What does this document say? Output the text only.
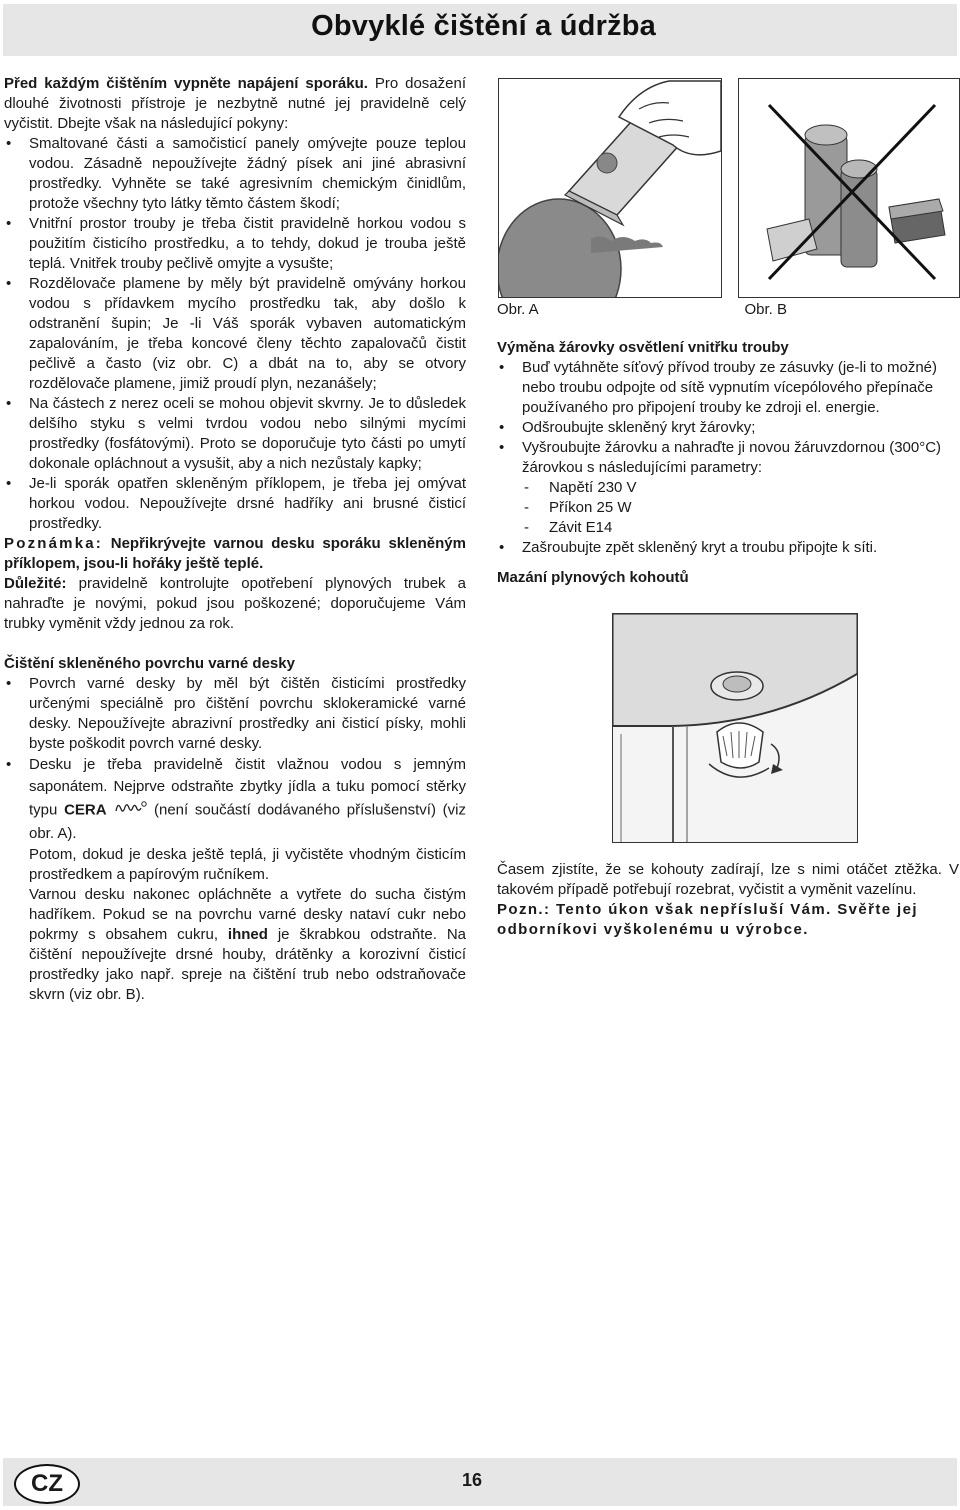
Obvyklé čištění a údržba

Před každým čištěním vypněte napájení sporáku. Pro dosažení dlouhé životnosti přístroje je nezbytně nutné jej pravidelně celý vyčistit. Dbejte však na následující pokyny:

• Smaltované části a samočisticí panely omývejte pouze teplou vodou. Zásadně nepoužívejte žádný písek ani jiné abrasivní prostředky. Vyhněte se také agresivním chemickým činidlům, protože všechny tyto látky těmto částem škodí;
• Vnitřní prostor trouby je třeba čistit pravidelně horkou vodou s použitím čisticího prostředku, a to tehdy, dokud je trouba ještě teplá. Vnitřek trouby pečlivě omyjte a vysušte;
• Rozdělovače plamene by měly být pravidelně omývány horkou vodou s přídavkem mycího prostředku tak, aby došlo k odstranění šupin; Je -li Váš sporák vybaven automatickým zapalováním, je třeba koncové členy těchto zapalovačů čistit pečlivě a často (viz obr. C) a dbát na to, aby se otvory rozdělovače plamene, jimiž proudí plyn, nezanášely;
• Na částech z nerez oceli se mohou objevit skvrny. Je to důsledek delšího styku s velmi tvrdou vodou nebo silnými mycími prostředky (fosfátovými). Proto se doporučuje tyto části po umytí dokonale opláchnout a vysušit, aby a nich nezůstaly kapky;
• Je-li sporák opatřen skleněným příklopem, je třeba jej omývat horkou vodou. Nepoužívejte drsné hadříky ani brusné čisticí prostředky.

Poznámka: Nepřikrývejte varnou desku sporáku skleněným příklopem, jsou-li hořáky ještě teplé.

Důležité: pravidelně kontrolujte opotřebení plynových trubek a nahraďte je novými, pokud jsou poškozené; doporučujeme Vám trubky vyměnit vždy jednou za rok.

Čištění skleněného povrchu varné desky
• Povrch varné desky by měl být čištěn čisticími prostředky určenými speciálně pro čištění povrchu sklokeramické varné desky. Nepoužívejte abrazivní prostředky ani čisticí písky, mohli byste poškodit povrch varné desky.
• Desku je třeba pravidelně čistit vlažnou vodou s jemným saponátem. Nejprve odstraňte zbytky jídla a tuku pomocí stěrky typu CERA	(není součástí dodávaného příslušenství) (viz obr. A).

Potom, dokud je deska ještě teplá, ji vyčistěte vhodným čisticím prostředkem a papírovým ručníkem.

Varnou desku nakonec opláchněte a vytřete do sucha čistým hadříkem. Pokud se na povrchu varné desky nataví cukr nebo pokrmy s obsahem cukru, ihned je škrabkou odstraňte. Na čištění nepoužívejte drsné houby, drátěnky a korozivní čisticí prostředky jako např. spreje na čištění trub nebo odstraňovače skvrn (viz obr. B).

Obr. A	Obr. B
Výměna žárovky osvětlení vnitřku trouby
• Buď vytáhněte síťový přívod trouby ze zásuvky (je-li to možné) nebo troubu odpojte od sítě vypnutím vícepólového přepínače používaného pro připojení trouby ke zdroji el. energie.
• Odšroubujte skleněný kryt žárovky;
• Vyšroubujte žárovku a nahraďte ji novou žáruvzdornou (300°C) žárovkou s následujícími parametry:
- Napětí 230 V
- Příkon 25 W
- Závit E14
• Zašroubujte zpět skleněný kryt a troubu připojte k síti.
Mazání plynových kohoutů

Časem zjistíte, že se kohouty zadírají, lze s nimi otáčet ztěžka. V takovém případě potřebují rozebrat, vyčistit a vyměnit vazelínu.

Pozn.: Tento úkon však nepřísluší Vám. Svěřte jej odborníkovi vyškolenému u výrobce.

CZ	16
